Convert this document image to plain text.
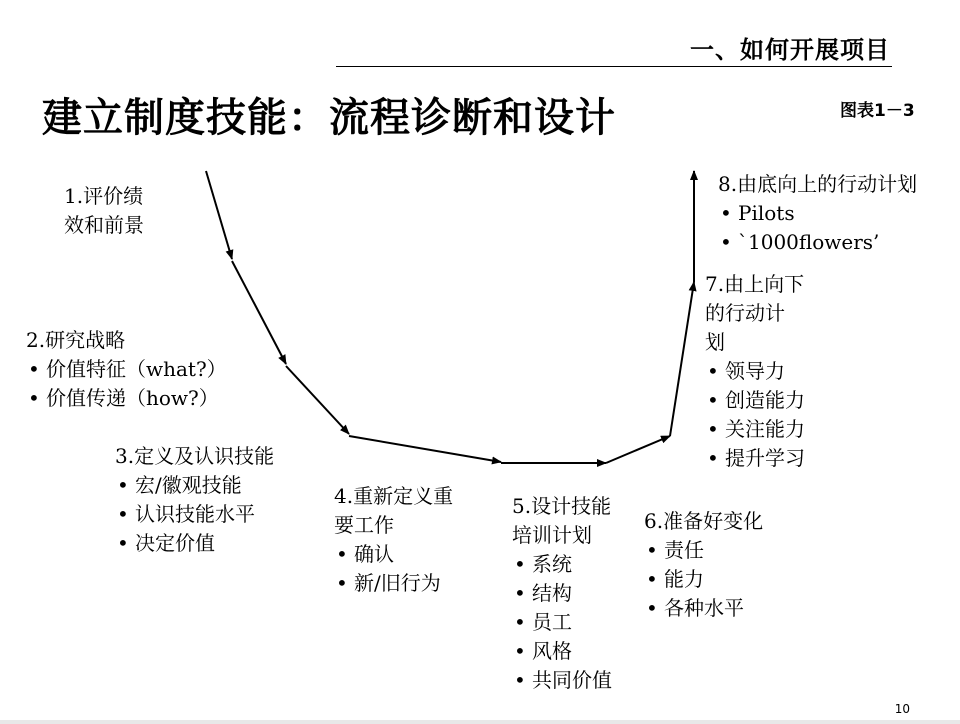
一、如何开展项目
建立制度技能：流程诊断和设计	图表1－3
1.评价绩
效和前景
2.研究战略
• 价值特征（what?）
• 价值传递（how?）
3.定义及认识技能
• 宏/徽观技能
• 认识技能水平
• 决定价值
4.重新定义重
要工作
• 确认
• 新/旧行为
5.设计技能
培训计划
• 系统
• 结构
• 员工
• 风格
• 共同价值
6.准备好变化
• 责任
• 能力
• 各种水平
7.由上向下
的行动计
划
• 领导力
• 创造能力
• 关注能力
• 提升学习
8.由底向上的行动计划
• Pilots
• `1000flowers’
10
